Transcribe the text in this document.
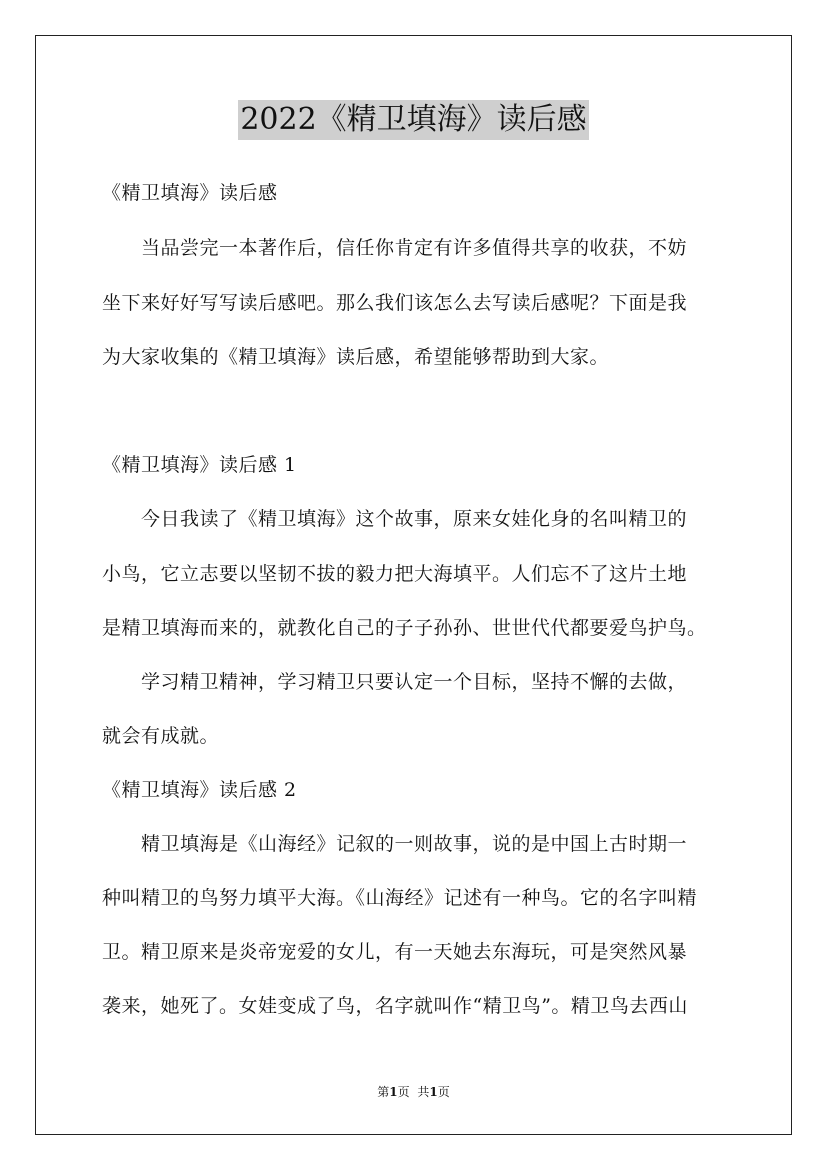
2022《精卫填海》读后感
《精卫填海》读后感
当品尝完一本著作后，信任你肯定有许多值得共享的收获，不妨
坐下来好好写写读后感吧。那么我们该怎么去写读后感呢？下面是我
为大家收集的《精卫填海》读后感，希望能够帮助到大家。
《精卫填海》读后感 1
今日我读了《精卫填海》这个故事，原来女娃化身的名叫精卫的
小鸟，它立志要以坚韧不拔的毅力把大海填平。人们忘不了这片土地
是精卫填海而来的，就教化自己的子子孙孙、世世代代都要爱鸟护鸟。
学习精卫精神，学习精卫只要认定一个目标，坚持不懈的去做，
就会有成就。
《精卫填海》读后感 2
精卫填海是《山海经》记叙的一则故事，说的是中国上古时期一
种叫精卫的鸟努力填平大海。《山海经》记述有一种鸟。它的名字叫精
卫。精卫原来是炎帝宠爱的女儿，有一天她去东海玩，可是突然风暴
袭来，她死了。女娃变成了鸟，名字就叫作“精卫鸟”。精卫鸟去西山
第1页 共1页
